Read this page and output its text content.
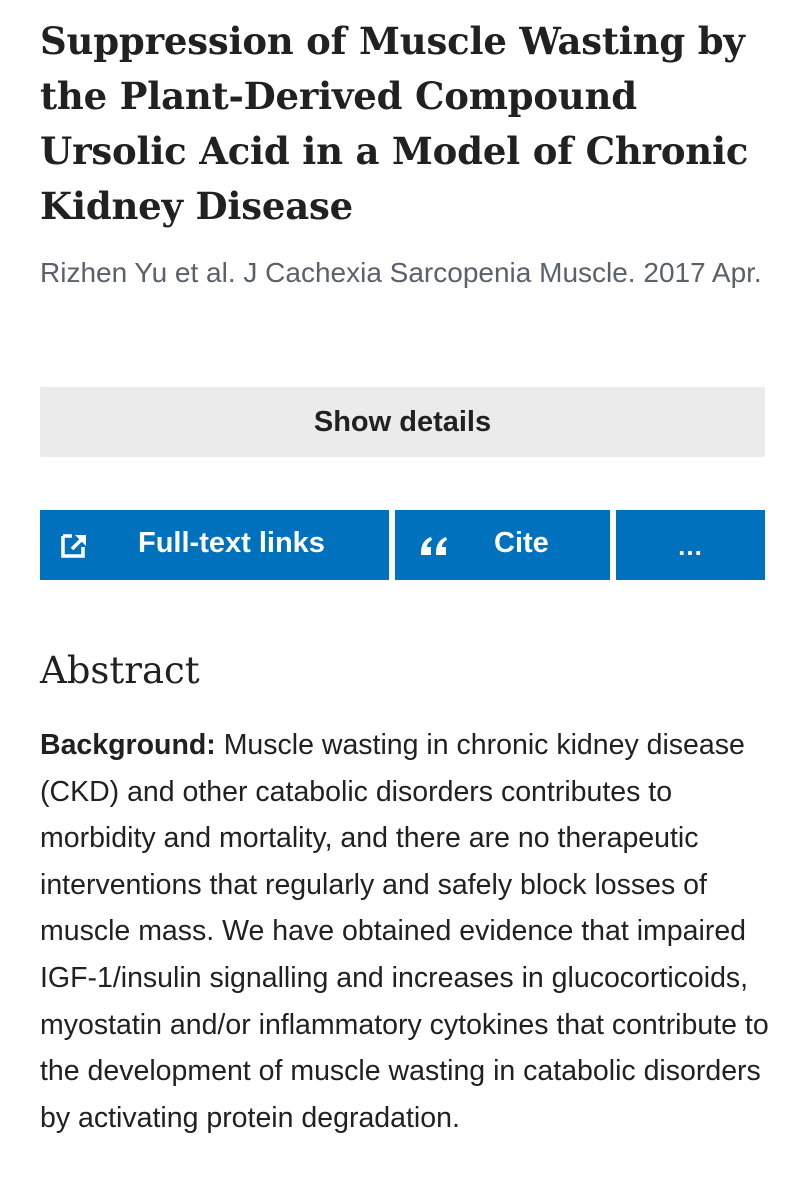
Suppression of Muscle Wasting by the Plant-Derived Compound Ursolic Acid in a Model of Chronic Kidney Disease
Rizhen Yu et al. J Cachexia Sarcopenia Muscle. 2017 Apr.
Show details
Full-text links	Cite	...
Abstract

Background: Muscle wasting in chronic kidney disease (CKD) and other catabolic disorders contributes to morbidity and mortality, and there are no therapeutic interventions that regularly and safely block losses of muscle mass. We have obtained evidence that impaired IGF-1/insulin signalling and increases in glucocorticoids, myostatin and/or inflammatory cytokines that contribute to the development of muscle wasting in catabolic disorders by activating protein degradation.
